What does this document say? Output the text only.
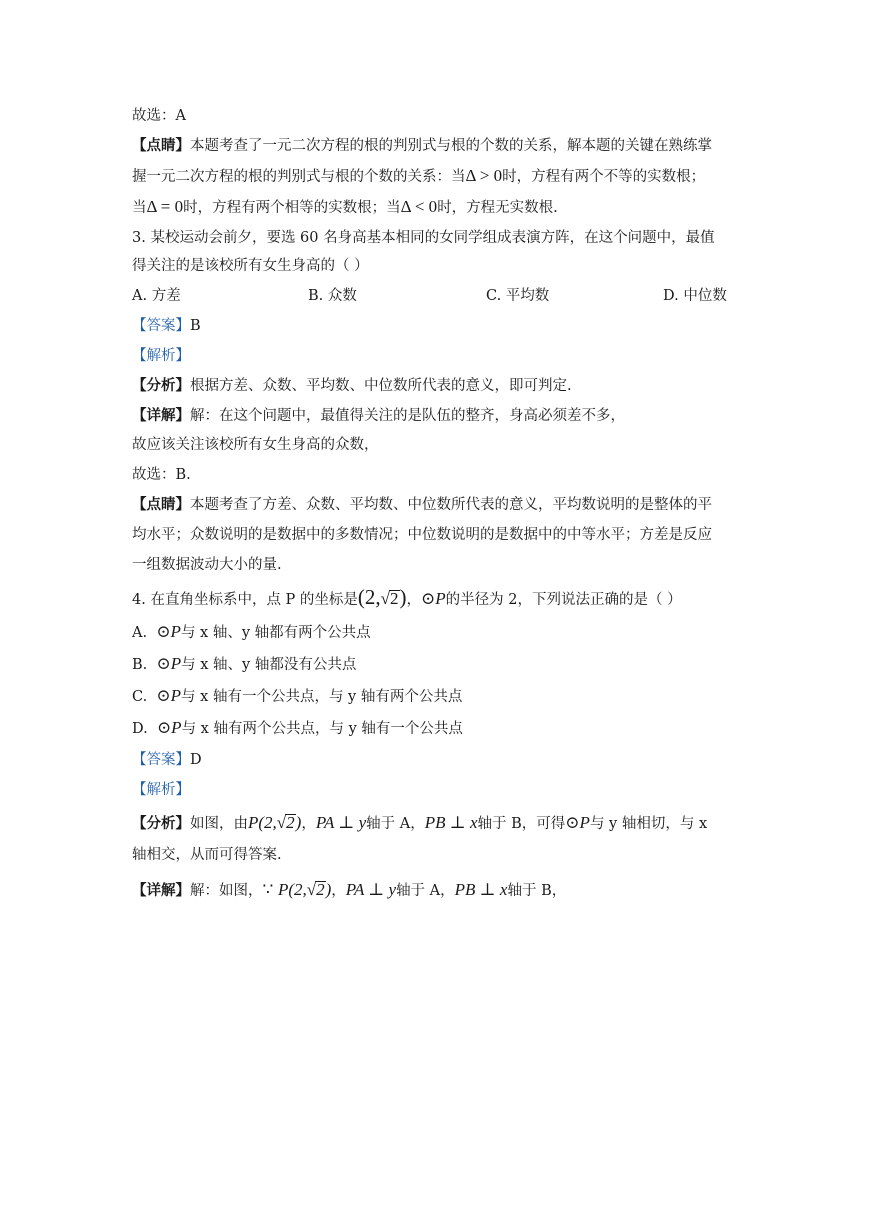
故选：A
【点睛】本题考查了一元二次方程的根的判别式与根的个数的关系，解本题的关键在熟练掌
握一元二次方程的根的判别式与根的个数的关系：当Δ > 0时，方程有两个不等的实数根；
当Δ = 0时，方程有两个相等的实数根；当Δ < 0时，方程无实数根.
3. 某校运动会前夕，要选 60 名身高基本相同的女同学组成表演方阵，在这个问题中，最值
得关注的是该校所有女生身高的（ ）
A. 方差	B. 众数	C. 平均数	D. 中位数
【答案】B
【解析】
【分析】根据方差、众数、平均数、中位数所代表的意义，即可判定.
【详解】解：在这个问题中，最值得关注的是队伍的整齐，身高必须差不多，
故应该关注该校所有女生身高的众数，
故选：B.
【点睛】本题考查了方差、众数、平均数、中位数所代表的意义，平均数说明的是整体的平
均水平；众数说明的是数据中的多数情况；中位数说明的是数据中的中等水平；方差是反应
一组数据波动大小的量.
4. 在直角坐标系中，点 P 的坐标是(2,√2)，⊙P的半径为 2，下列说法正确的是（ ）
A. ⊙P与 x 轴、y 轴都有两个公共点
B. ⊙P与 x 轴、y 轴都没有公共点
C. ⊙P与 x 轴有一个公共点，与 y 轴有两个公共点
D. ⊙P与 x 轴有两个公共点，与 y 轴有一个公共点
【答案】D
【解析】
【分析】如图，由P(2,√2)，PA ⊥ y轴于 A，PB ⊥ x轴于 B，可得⊙P与 y 轴相切，与 x
轴相交，从而可得答案.
【详解】解：如图，∵ P(2,√2)，PA ⊥ y轴于 A，PB ⊥ x轴于 B，
